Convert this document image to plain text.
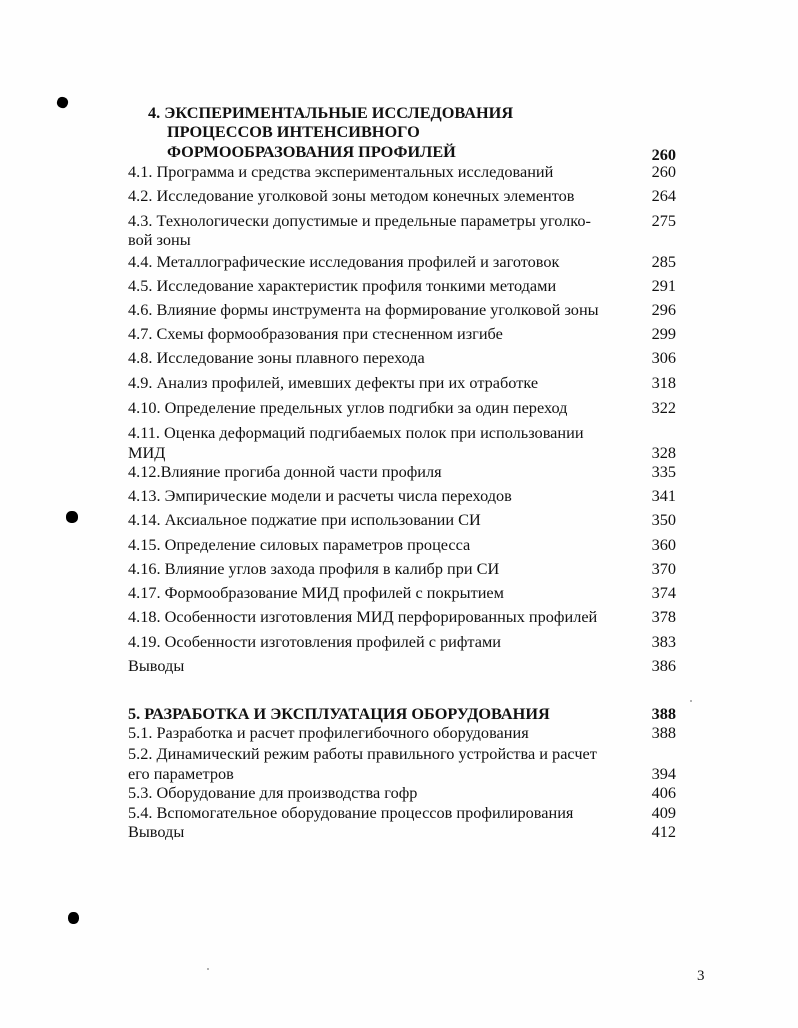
4. ЭКСПЕРИМЕНТАЛЬНЫЕ ИССЛЕДОВАНИЯ
ПРОЦЕССОВ ИНТЕНСИВНОГО
ФОРМООБРАЗОВАНИЯ ПРОФИЛЕЙ	260
4.1. Программа и средства экспериментальных исследований	260
4.2. Исследование уголковой зоны методом конечных элементов	264
4.3. Технологически допустимые и предельные параметры уголко-	275
вой зоны
4.4. Металлографические исследования профилей и заготовок	285
4.5. Исследование характеристик профиля тонкими методами	291
4.6. Влияние формы инструмента на формирование уголковой зоны	296
4.7. Схемы формообразования при стесненном изгибе	299
4.8. Исследование зоны плавного перехода	306
4.9. Анализ профилей, имевших дефекты при их отработке	318
4.10. Определение предельных углов подгибки за один переход	322
4.11. Оценка деформаций подгибаемых полок при использовании
МИД	328
4.12.Влияние прогиба донной части профиля	335
4.13. Эмпирические модели и расчеты числа переходов	341
4.14. Аксиальное поджатие при использовании СИ	350
4.15. Определение силовых параметров процесса	360
4.16. Влияние углов захода профиля в калибр при СИ	370
4.17. Формообразование МИД профилей с покрытием	374
4.18. Особенности изготовления МИД перфорированных профилей	378
4.19. Особенности изготовления профилей с рифтами	383
Выводы	386
5. РАЗРАБОТКА И ЭКСПЛУАТАЦИЯ ОБОРУДОВАНИЯ	388
5.1. Разработка и расчет профилегибочного оборудования	388
5.2. Динамический режим работы правильного устройства и расчет
его параметров	394
5.3. Оборудование для производства гофр	406
5.4. Вспомогательное оборудование процессов профилирования	409
Выводы	412
3
